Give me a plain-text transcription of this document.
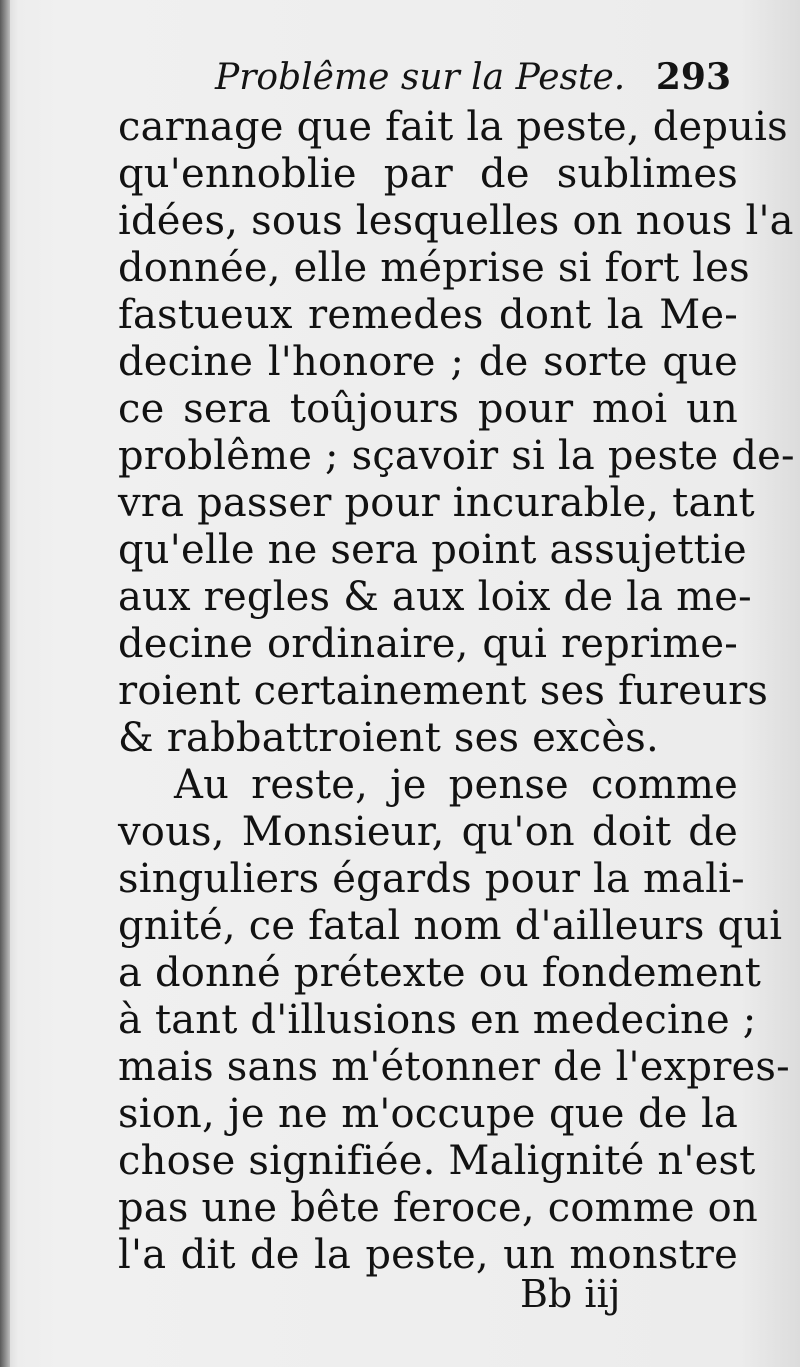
Problême sur la Peste. 293
carnage que fait la peste, depuis
qu'ennoblie par de sublimes
idées, sous lesquelles on nous l'a
donnée, elle méprise si fort les
fastueux remedes dont la Me-
decine l'honore ; de sorte que
ce sera toûjours pour moi un
problême ; sçavoir si la peste de-
vra passer pour incurable, tant
qu'elle ne sera point assujettie
aux regles & aux loix de la me-
decine ordinaire, qui reprime-
roient certainement ses fureurs
& rabbattroient ses excès.
Au reste, je pense comme
vous, Monsieur, qu'on doit de
singuliers égards pour la mali-
gnité, ce fatal nom d'ailleurs qui
a donné prétexte ou fondement
à tant d'illusions en medecine ;
mais sans m'étonner de l'expres-
sion, je ne m'occupe que de la
chose signifiée. Malignité n'est
pas une bête feroce, comme on
l'a dit de la peste, un monstre
Bb iij
